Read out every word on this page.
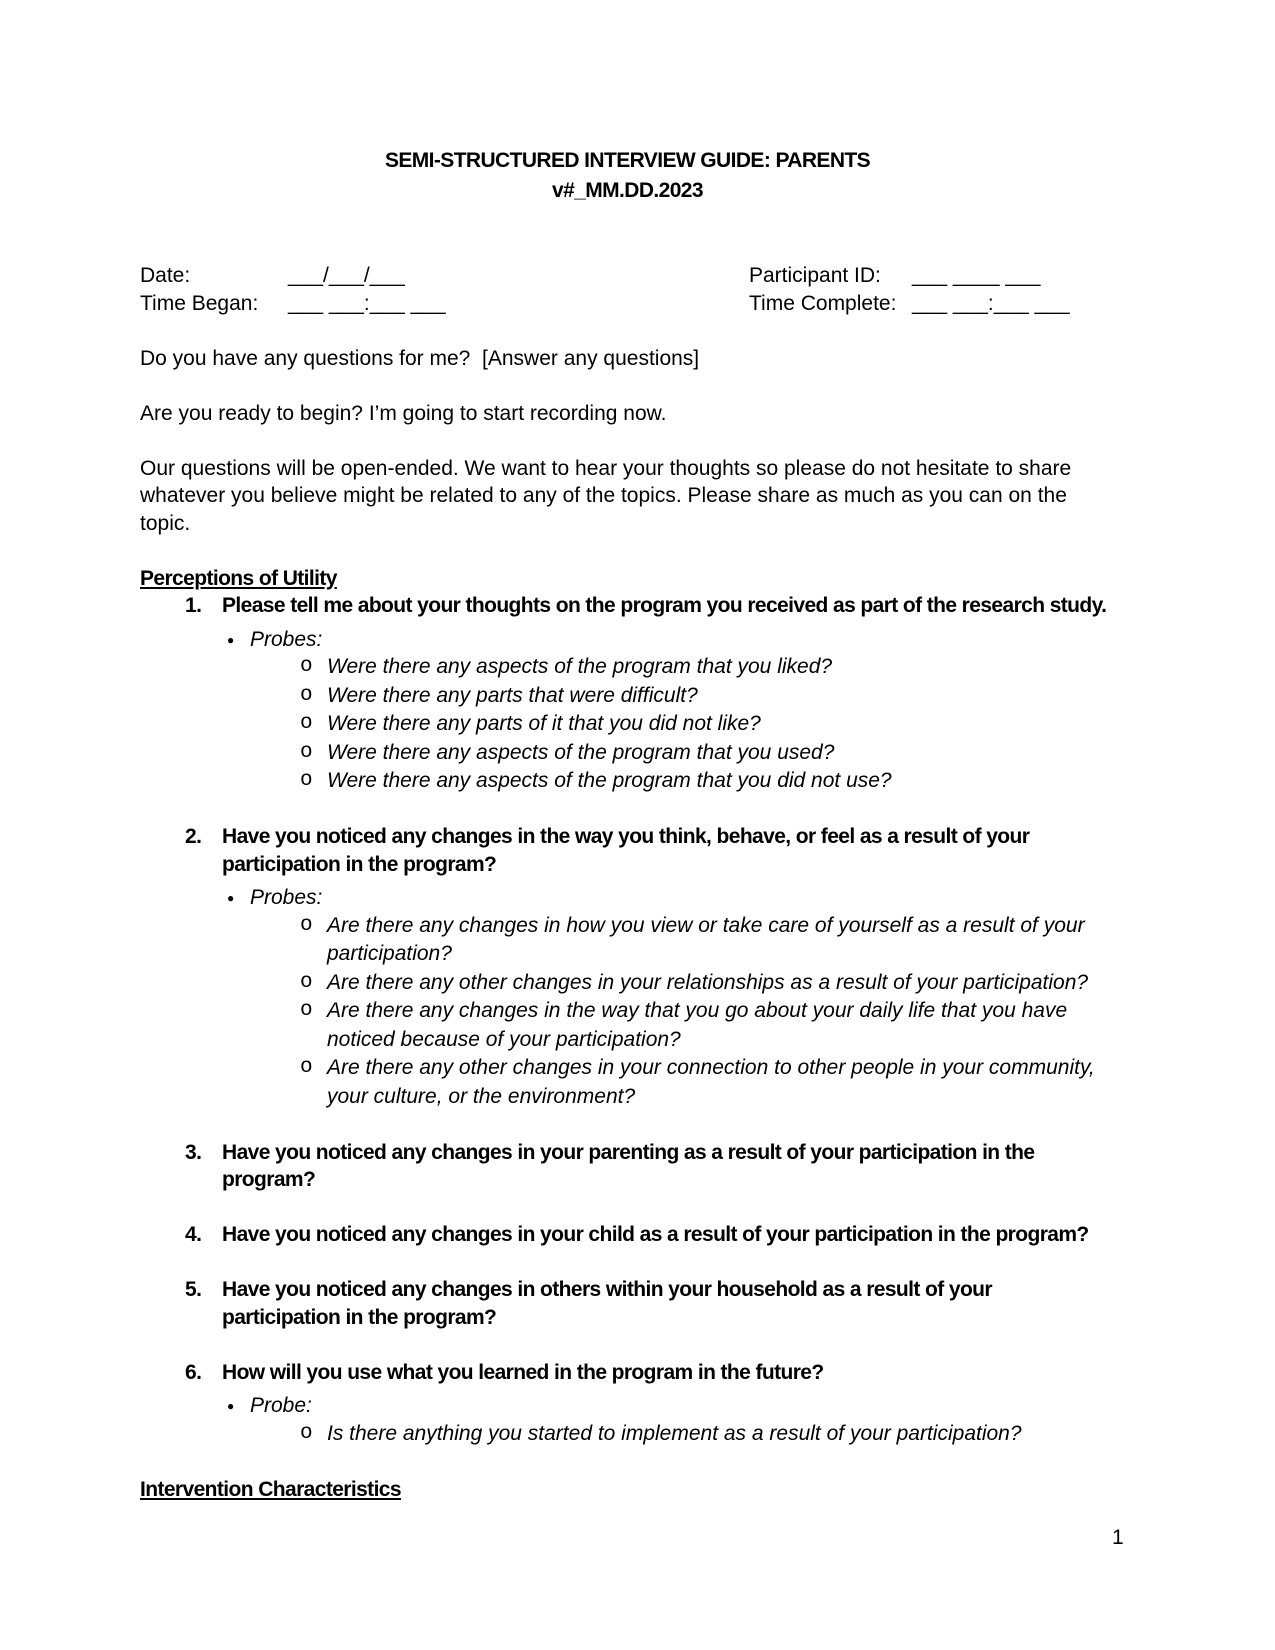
SEMI-STRUCTURED INTERVIEW GUIDE: PARENTS
v#_MM.DD.2023
Date:	___/___/___	Participant ID:	___ ____ ___
Time Began:	___ ___:___ ___	Time Complete: ___ ___:___ ___

Do you have any questions for me?  [Answer any questions]

Are you ready to begin? I’m going to start recording now.

Our questions will be open-ended. We want to hear your thoughts so please do not hesitate to share whatever you believe might be related to any of the topics. Please share as much as you can on the topic.

Perceptions of Utility
1. Please tell me about your thoughts on the program you received as part of the research study.
● Probes:
o Were there any aspects of the program that you liked?
o Were there any parts that were difficult?
o Were there any parts of it that you did not like?
o Were there any aspects of the program that you used?
o Were there any aspects of the program that you did not use?
2. Have you noticed any changes in the way you think, behave, or feel as a result of your participation in the program?
● Probes:
o Are there any changes in how you view or take care of yourself as a result of your participation?
o Are there any other changes in your relationships as a result of your participation?
o Are there any changes in the way that you go about your daily life that you have noticed because of your participation?
o Are there any other changes in your connection to other people in your community, your culture, or the environment?
3. Have you noticed any changes in your parenting as a result of your participation in the program?
4. Have you noticed any changes in your child as a result of your participation in the program?
5. Have you noticed any changes in others within your household as a result of your participation in the program?
6. How will you use what you learned in the program in the future?
● Probe:
o Is there anything you started to implement as a result of your participation?
Intervention Characteristics
1
